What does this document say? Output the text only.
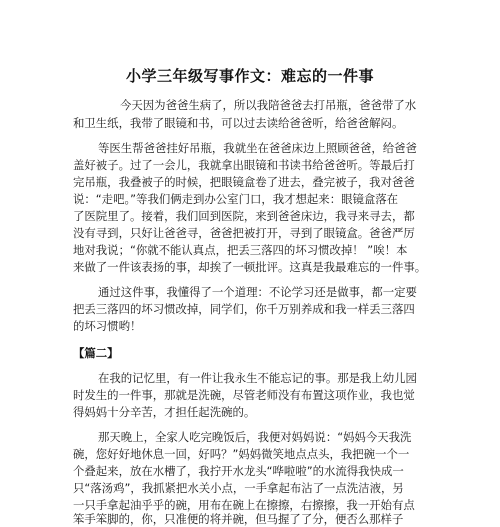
小学三年级写事作文：难忘的一件事
今天因为爸爸生病了，所以我陪爸爸去打吊瓶，爸爸带了水
和卫生纸，我带了眼镜和书，可以过去读给爸爸听，给爸爸解闷。
等医生帮爸爸挂好吊瓶，我就坐在爸爸床边上照顾爸爸，给爸爸
盖好被子。过了一会儿，我就拿出眼镜和书读书给爸爸听。等最后打
完吊瓶，我叠被子的时候，把眼镜盒卷了进去，叠完被子，我对爸爸
说：“走吧。”等我们俩走到办公室门口，我才想起来：眼镜盒落在
了医院里了。接着，我们回到医院，来到爸爸床边，我寻来寻去，都
没有寻到，只好让爸爸寻，爸爸把被打开，寻到了眼镜盒。爸爸严厉
地对我说；“你就不能认真点，把丢三落四的坏习惯改掉！ ”唉！本
来做了一件该表扬的事，却挨了一顿批评。这真是我最难忘的一件事。
通过这件事，我懂得了一个道理：不论学习还是做事，都一定要
把丢三落四的坏习惯改掉，同学们，你千万别养成和我一样丢三落四
的坏习惯哟！
【篇二】
在我的记忆里，有一件让我永生不能忘记的事。那是我上幼儿园
时发生的一件事，那就是洗碗，尽管老师没有布置这项作业，我也觉
得妈妈十分辛苦，才担任起洗碗的。
那天晚上，全家人吃完晚饭后，我便对妈妈说：“妈妈今天我洗
碗，您好好地休息一回，好吗？”妈妈微笑地点点头，我把碗一个一
个叠起来，放在水槽了，我拧开水龙头“哗啦啦”的水流得我快成一
只“落汤鸡”，我抓紧把水关小点，一手拿起布沾了一点洗洁液，另
一只手拿起油乎乎的碗，用布在碗上在擦擦，右擦擦，我一开始有点
笨手笨脚的，你，只准便的将并碗，但马握了了分，便否么那样子
